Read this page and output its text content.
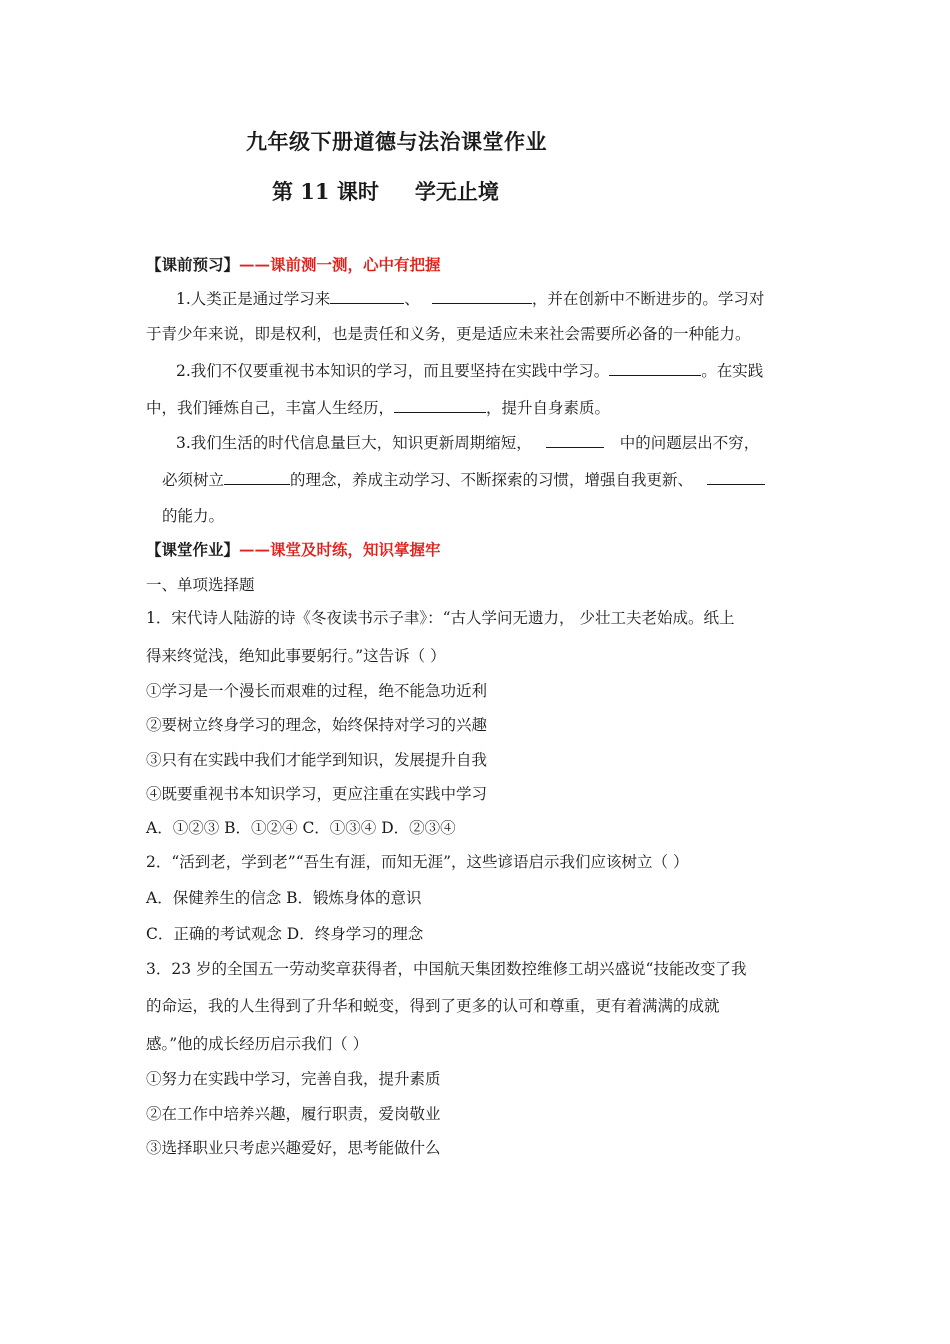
九年级下册道德与法治课堂作业
第 11 课时 学无止境
【课前预习】——课前测一测，心中有把握
1.人类正是通过学习来	、	，并在创新中不断进步的。学习对
于青少年来说，即是权利，也是责任和义务，更是适应未来社会需要所必备的一种能力。
2.我们不仅要重视书本知识的学习，而且要坚持在实践中学习。	。在实践
中，我们锤炼自己，丰富人生经历，	，提升自身素质。
3.我们生活的时代信息量巨大，知识更新周期缩短，	中的问题层出不穷，
必须树立	的理念，养成主动学习、不断探索的习惯，增强自我更新、
的能力。
【课堂作业】——课堂及时练，知识掌握牢
一、单项选择题
1．宋代诗人陆游的诗《冬夜读书示子聿》：“古人学问无遗力， 少壮工夫老始成。纸上
得来终觉浅，绝知此事要躬行。”这告诉（ ）
①学习是一个漫长而艰难的过程，绝不能急功近利
②要树立终身学习的理念，始终保持对学习的兴趣
③只有在实践中我们才能学到知识，发展提升自我
④既要重视书本知识学习，更应注重在实践中学习
A．①②③ B．①②④ C．①③④ D．②③④
2．“活到老，学到老”“吾生有涯，而知无涯”，这些谚语启示我们应该树立（ ）
A．保健养生的信念 B．锻炼身体的意识
C．正确的考试观念 D．终身学习的理念
3．23 岁的全国五一劳动奖章获得者，中国航天集团数控维修工胡兴盛说“技能改变了我
的命运，我的人生得到了升华和蜕变，得到了更多的认可和尊重，更有着满满的成就
感。”他的成长经历启示我们（ ）
①努力在实践中学习，完善自我，提升素质
②在工作中培养兴趣，履行职责，爱岗敬业
③选择职业只考虑兴趣爱好，思考能做什么
